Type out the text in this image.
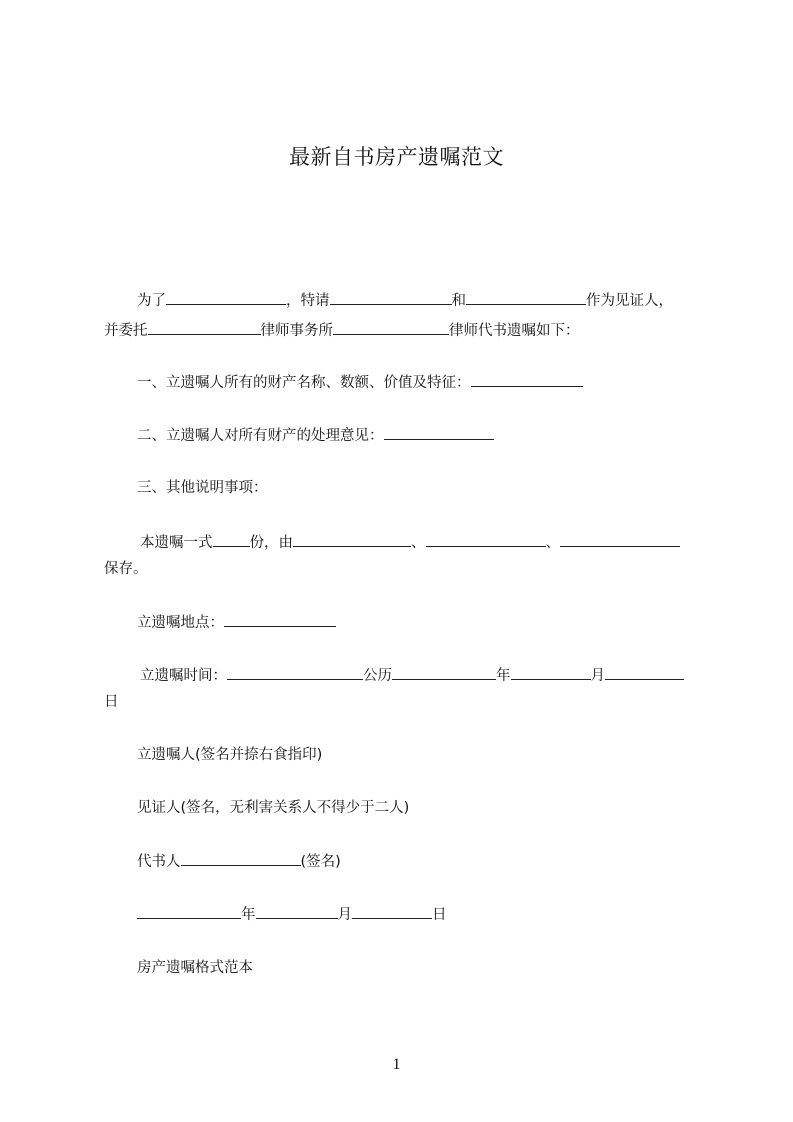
最新自书房产遗嘱范文
为了	，特请	和	作为见证人，
并委托	律师事务所	律师代书遗嘱如下：
一、立遗嘱人所有的财产名称、数额、价值及特征：
二、立遗嘱人对所有财产的处理意见：
三、其他说明事项：
本遗嘱一式	份，由	、	、
保存。
立遗嘱地点：
立遗嘱时间：	公历	年	月
日
立遗嘱人(签名并捺右食指印)
见证人(签名，无利害关系人不得少于二人)
代书人	(签名)
年	月	日
房产遗嘱格式范本
1
